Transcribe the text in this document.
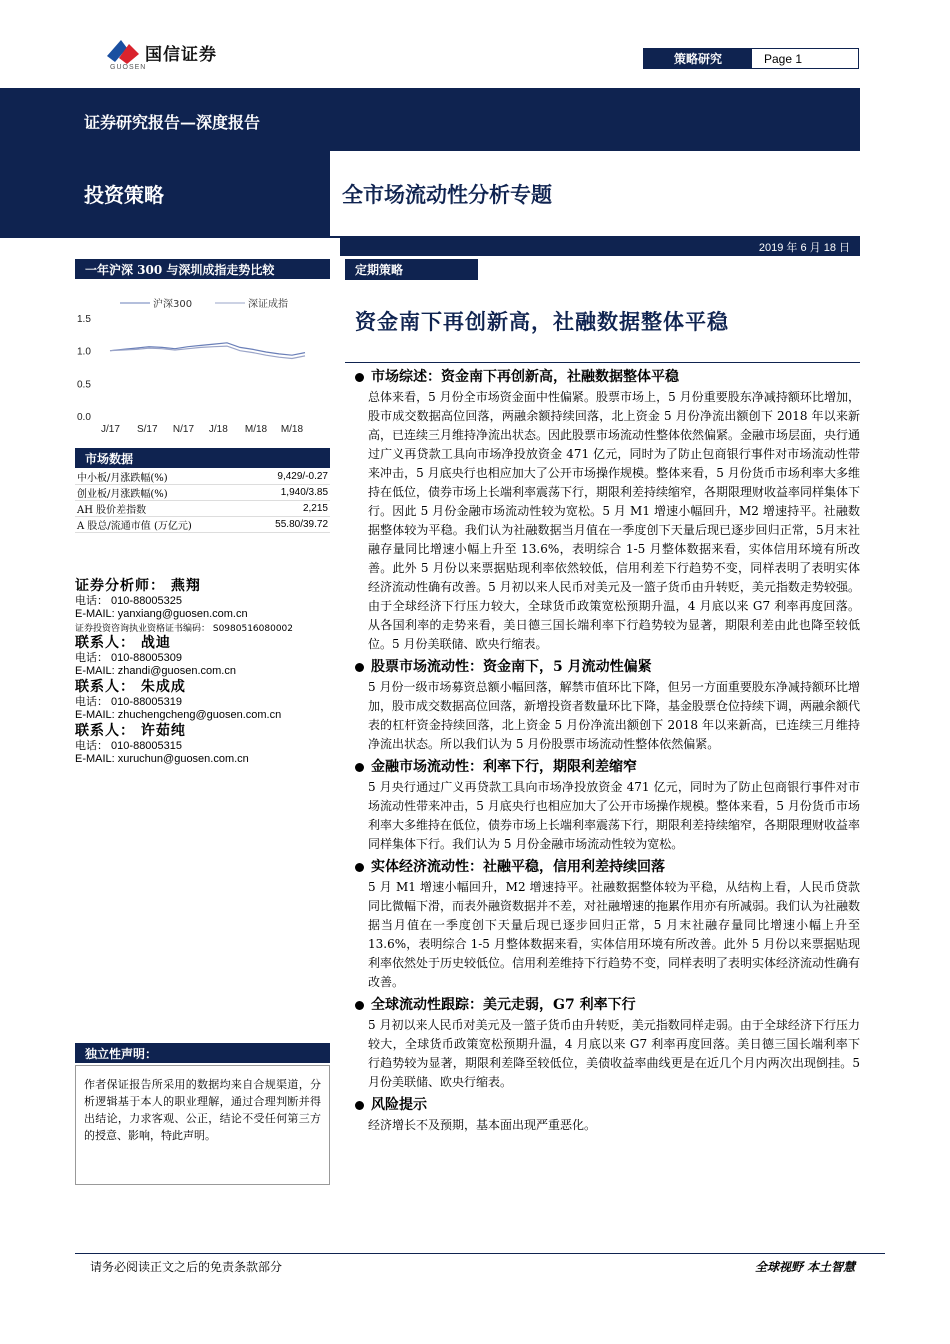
国信证券
GUOSEN
策略研究	Page 1
证券研究报告—深度报告
投资策略	全市场流动性分析专题
2019 年 6 月 18 日
一年沪深 300 与深圳成指走势比较
沪深300	深证成指
1.5
1.0
0.5
0.0
J/17 S/17 N/17 J/18 M/18 M/18
市场数据
中小板/月涨跌幅(%)	9,429/-0.27
创业板/月涨跌幅(%)	1,940/3.85
AH 股价差指数	2,215
A 股总/流通市值 (万亿元)	55.80/39.72
证券分析师： 燕翔
电话： 010-88005325
E-MAIL: yanxiang@guosen.com.cn
证券投资咨询执业资格证书编码： S0980516080002
联系人： 战迪
电话： 010-88005309
E-MAIL: zhandi@guosen.com.cn
联系人： 朱成成
电话： 010-88005319
E-MAIL: zhuchengcheng@guosen.com.cn
联系人： 许茹纯
电话： 010-88005315
E-MAIL: xuruchun@guosen.com.cn
独立性声明：
作者保证报告所采用的数据均来自合规渠道，分析逻辑基于本人的职业理解，通过合理判断并得出结论，力求客观、公正，结论不受任何第三方的授意、影响，特此声明。
定期策略
资金南下再创新高，社融数据整体平稳
市场综述：资金南下再创新高，社融数据整体平稳
总体来看，5 月份全市场资金面中性偏紧。股票市场上，5 月份重要股东净减持额环比增加，股市成交数据高位回落，两融余额持续回落，北上资金 5 月份净流出额创下 2018 年以来新高，已连续三月维持净流出状态。因此股票市场流动性整体依然偏紧。金融市场层面，央行通过广义再贷款工具向市场净投放资金 471 亿元，同时为了防止包商银行事件对市场流动性带来冲击，5 月底央行也相应加大了公开市场操作规模。整体来看，5 月份货币市场利率大多维持在低位，债券市场上长端利率震荡下行，期限利差持续缩窄，各期限理财收益率同样集体下行。因此 5 月份金融市场流动性较为宽松。5 月 M1 增速小幅回升，M2 增速持平。社融数据整体较为平稳。我们认为社融数据当月值在一季度创下天量后现已逐步回归正常，5月末社融存量同比增速小幅上升至 13.6%，表明综合 1-5 月整体数据来看，实体信用环境有所改善。此外 5 月份以来票据贴现利率依然较低，信用利差下行趋势不变，同样表明了表明实体经济流动性确有改善。5 月初以来人民币对美元及一篮子货币由升转贬，美元指数走势较强。由于全球经济下行压力较大，全球货币政策宽松预期升温，4 月底以来 G7 利率再度回落。从各国利率的走势来看，美日德三国长端利率下行趋势较为显著，期限利差由此也降至较低位。5 月份美联储、欧央行缩表。
股票市场流动性：资金南下，5 月流动性偏紧
5 月份一级市场募资总额小幅回落，解禁市值环比下降，但另一方面重要股东净减持额环比增加，股市成交数据高位回落，新增投资者数量环比下降，基金股票仓位持续下调，两融余额代表的杠杆资金持续回落，北上资金 5 月份净流出额创下 2018 年以来新高，已连续三月维持净流出状态。所以我们认为 5 月份股票市场流动性整体依然偏紧。
金融市场流动性：利率下行，期限利差缩窄
5 月央行通过广义再贷款工具向市场净投放资金 471 亿元，同时为了防止包商银行事件对市场流动性带来冲击，5 月底央行也相应加大了公开市场操作规模。整体来看，5 月份货币市场利率大多维持在低位，债券市场上长端利率震荡下行，期限利差持续缩窄，各期限理财收益率同样集体下行。我们认为 5 月份金融市场流动性较为宽松。
实体经济流动性：社融平稳，信用利差持续回落
5 月 M1 增速小幅回升，M2 增速持平。社融数据整体较为平稳，从结构上看，人民币贷款同比微幅下滑，而表外融资数据并不差，对社融增速的拖累作用亦有所减弱。我们认为社融数据当月值在一季度创下天量后现已逐步回归正常，5 月末社融存量同比增速小幅上升至 13.6%，表明综合 1-5 月整体数据来看，实体信用环境有所改善。此外 5 月份以来票据贴现利率依然处于历史较低位。信用利差维持下行趋势不变，同样表明了表明实体经济流动性确有改善。
全球流动性跟踪：美元走弱，G7 利率下行
5 月初以来人民币对美元及一篮子货币由升转贬，美元指数同样走弱。由于全球经济下行压力较大，全球货币政策宽松预期升温，4 月底以来 G7 利率再度回落。美日德三国长端利率下行趋势较为显著，期限利差降至较低位，美债收益率曲线更是在近几个月内两次出现倒挂。5 月份美联储、欧央行缩表。
风险提示
经济增长不及预期，基本面出现严重恶化。
请务必阅读正文之后的免责条款部分	全球视野 本土智慧
